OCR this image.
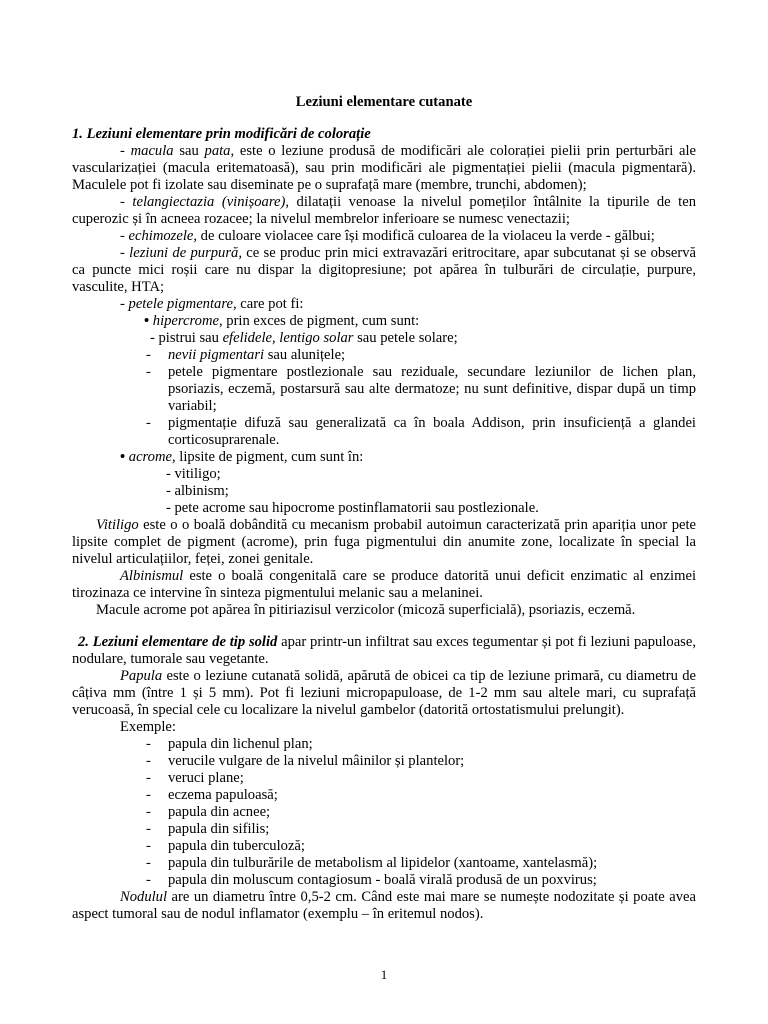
Leziuni elementare cutanate

1. Leziuni elementare prin modificări de colorație

- macula sau pata, este o leziune produsă de modificări ale colorației pielii prin perturbări ale vascularizației (macula eritematoasă), sau prin modificări ale pigmentației pielii (macula pigmentară). Maculele pot fi izolate sau diseminate pe o suprafață mare (membre, trunchi, abdomen);

- telangiectazia (vinișoare), dilatații venoase la nivelul pomeților întâlnite la tipurile de ten cuperozic și în acneea rozacee; la nivelul membrelor inferioare se numesc venectazii;

- echimozele, de culoare violacee care își modifică culoarea de la violaceu la verde - gălbui;

- leziuni de purpură, ce se produc prin mici extravazări eritrocitare, apar subcutanat și se observă ca puncte mici roșii care nu dispar la digitopresiune; pot apărea în tulburări de circulație, purpure, vasculite, HTA;

- petele pigmentare, care pot fi:

• hipercrome, prin exces de pigment, cum sunt:

- pistrui sau efelidele, lentigo solar sau petele solare;

- nevii pigmentari sau alunițele;

- petele pigmentare postlezionale sau reziduale, secundare leziunilor de lichen plan, psoriazis, eczemă, postarsură sau alte dermatoze; nu sunt definitive, dispar după un timp variabil;

- pigmentație difuză sau generalizată ca în boala Addison, prin insuficiență a glandei corticosuprarenale.

• acrome, lipsite de pigment, cum sunt în:

- vitiligo;

- albinism;

- pete acrome sau hipocrome postinflamatorii sau postlezionale.

Vitiligo este o o boală dobândită cu mecanism probabil autoimun caracterizată prin apariția unor pete lipsite complet de pigment (acrome), prin fuga pigmentului din anumite zone, localizate în special la nivelul articulațiilor, feței, zonei genitale.

Albinismul este o boală congenitală care se produce datorită unui deficit enzimatic al enzimei tirozinaza ce intervine în sinteza pigmentului melanic sau a melaninei.

Macule acrome pot apărea în pitiriazisul verzicolor (micoză superficială), psoriazis, eczemă.

2. Leziuni elementare de tip solid apar printr-un infiltrat sau exces tegumentar și pot fi leziuni papuloase, nodulare, tumorale sau vegetante.

Papula este o leziune cutanată solidă, apărută de obicei ca tip de leziune primară, cu diametru de câțiva mm (între 1 și 5 mm). Pot fi leziuni micropapuloase, de 1-2 mm sau altele mari, cu suprafață verucoasă, în special cele cu localizare la nivelul gambelor (datorită ortostatismului prelungit).

Exemple:

- papula din lichenul plan;

- verucile vulgare de la nivelul mâinilor și plantelor;

- veruci plane;

- eczema papuloasă;

- papula din acnee;

- papula din sifilis;

- papula din tuberculoză;

- papula din tulburările de metabolism al lipidelor (xantoame, xantelasmă);

- papula din moluscum contagiosum - boală virală produsă de un poxvirus;

Nodulul are un diametru între 0,5-2 cm. Când este mai mare se numește nodozitate și poate avea aspect tumoral sau de nodul inflamator (exemplu – în eritemul nodos).

1
